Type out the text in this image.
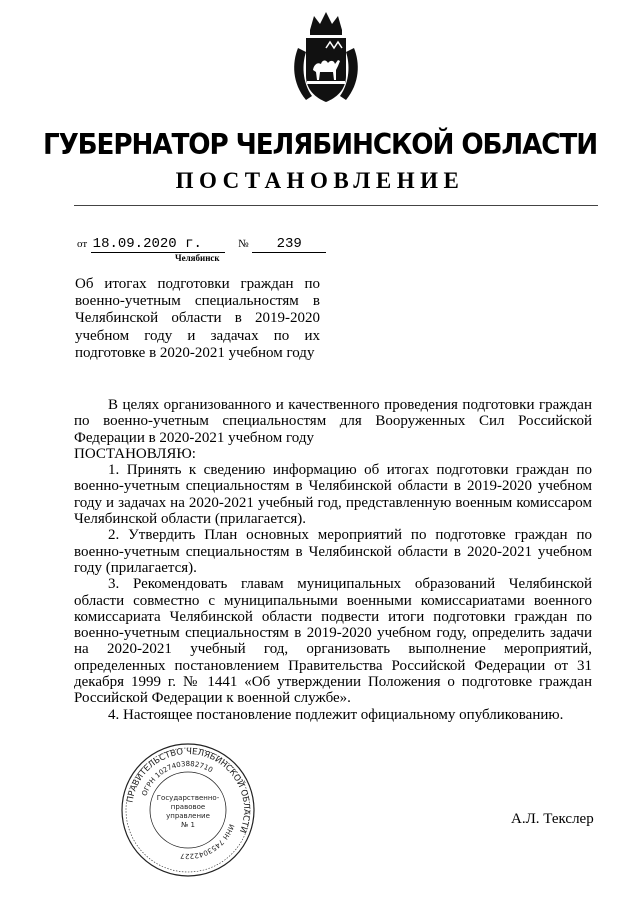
ГУБЕРНАТОР ЧЕЛЯБИНСКОЙ ОБЛАСТИ
ПОСТАНОВЛЕНИЕ
от 18.09.2020 г.	№ 239
Челябинск
Об итогах подготовки граждан по военно-учетным специальностям в Челябинской области в 2019-2020 учебном году и задачах по их подготовке в 2020-2021 учебном году

В целях организованного и качественного проведения подготовки граждан по военно-учетным специальностям для Вооруженных Сил Российской Федерации в 2020-2021 учебном году

ПОСТАНОВЛЯЮ:

1. Принять к сведению информацию об итогах подготовки граждан по военно-учетным специальностям в Челябинской области в 2019-2020 учебном году и задачах на 2020-2021 учебный год, представленную военным комиссаром Челябинской области (прилагается).

2. Утвердить План основных мероприятий по подготовке граждан по военно-учетным специальностям в Челябинской области в 2020-2021 учебном году (прилагается).

3. Рекомендовать главам муниципальных образований Челябинской области совместно с муниципальными военными комиссариатами военного комиссариата Челябинской области подвести итоги подготовки граждан по военно-учетным специальностям в 2019-2020 учебном году, определить задачи на 2020-2021 учебный год, организовать выполнение мероприятий, определенных постановлением Правительства Российской Федерации от 31 декабря 1999 г. № 1441 «Об утверждении Положения о подготовке граждан Российской Федерации к военной службе».

4. Настоящее постановление подлежит официальному опубликованию.

ПРАВИТЕЛЬСТВО ЧЕЛЯБИНСКОЙ ОБЛАСТИ
ОГРН 1027403882710
ИНН 7453042227
Государственно-
правовое
управление
№ 1	А.Л. Текслер
